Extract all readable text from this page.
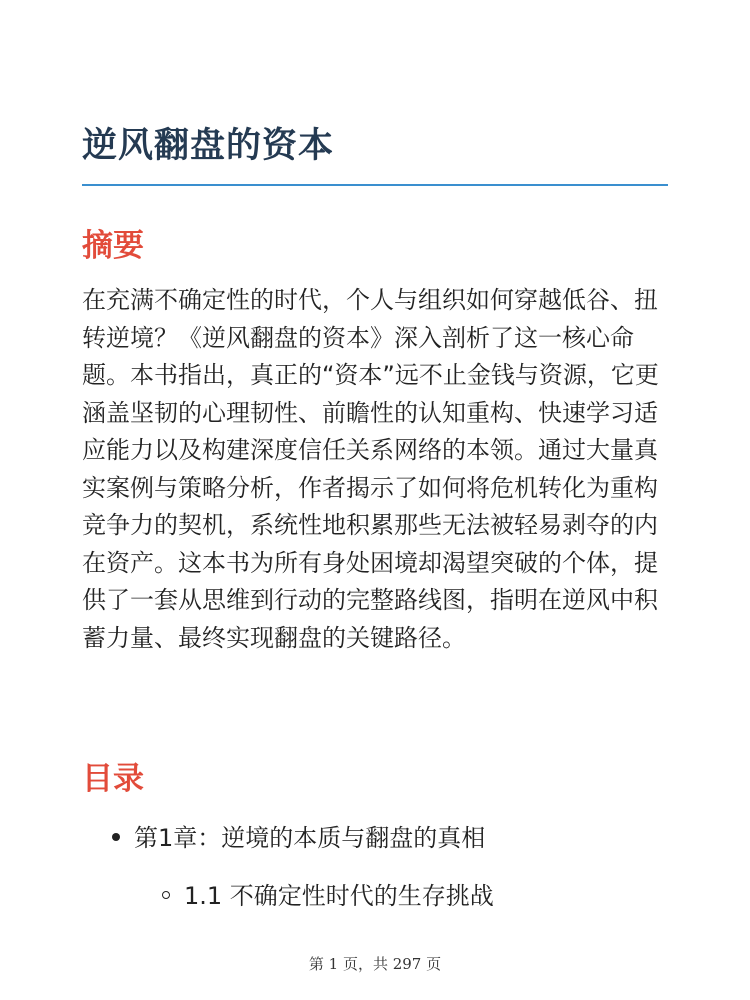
逆风翻盘的资本
摘要

在充满不确定性的时代，个人与组织如何穿越低谷、扭转逆境？《逆风翻盘的资本》深入剖析了这一核心命题。本书指出，真正的“资本”远不止金钱与资源，它更涵盖坚韧的心理韧性、前瞻性的认知重构、快速学习适应能力以及构建深度信任关系网络的本领。通过大量真实案例与策略分析，作者揭示了如何将危机转化为重构竞争力的契机，系统性地积累那些无法被轻易剥夺的内在资产。这本书为所有身处困境却渴望突破的个体，提供了一套从思维到行动的完整路线图，指明在逆风中积蓄力量、最终实现翻盘的关键路径。

目录
第1章：逆境的本质与翻盘的真相
1.1 不确定性时代的生存挑战
第 1 页，共 297 页
